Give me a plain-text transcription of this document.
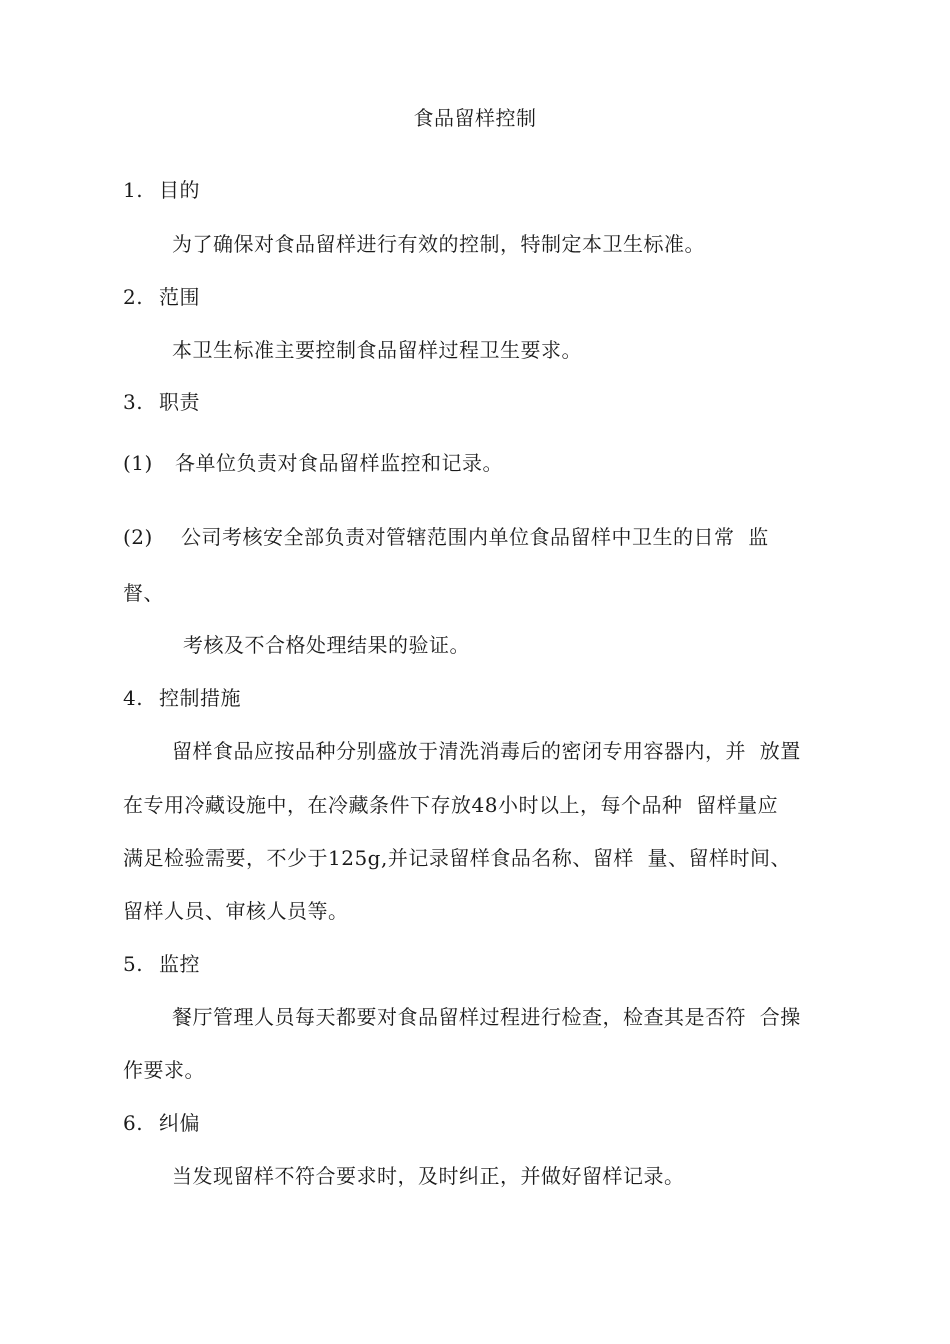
食品留样控制
1. 目的
为了确保对食品留样进行有效的控制，特制定本卫生标准。
2. 范围
本卫生标准主要控制食品留样过程卫生要求。
3. 职责
(1) 各单位负责对食品留样监控和记录。
(2) 公司考核安全部负责对管辖范围内单位食品留样中卫生的日常  监
督、
考核及不合格处理结果的验证。
4. 控制措施
留样食品应按品种分别盛放于清洗消毒后的密闭专用容器内，并  放置
在专用冷藏设施中，在冷藏条件下存放48小时以上，每个品种  留样量应
满足检验需要，不少于125g,并记录留样食品名称、留样  量、留样时间、
留样人员、审核人员等。
5. 监控
餐厅管理人员每天都要对食品留样过程进行检查，检查其是否符  合操
作要求。
6. 纠偏
当发现留样不符合要求时，及时纠正，并做好留样记录。
